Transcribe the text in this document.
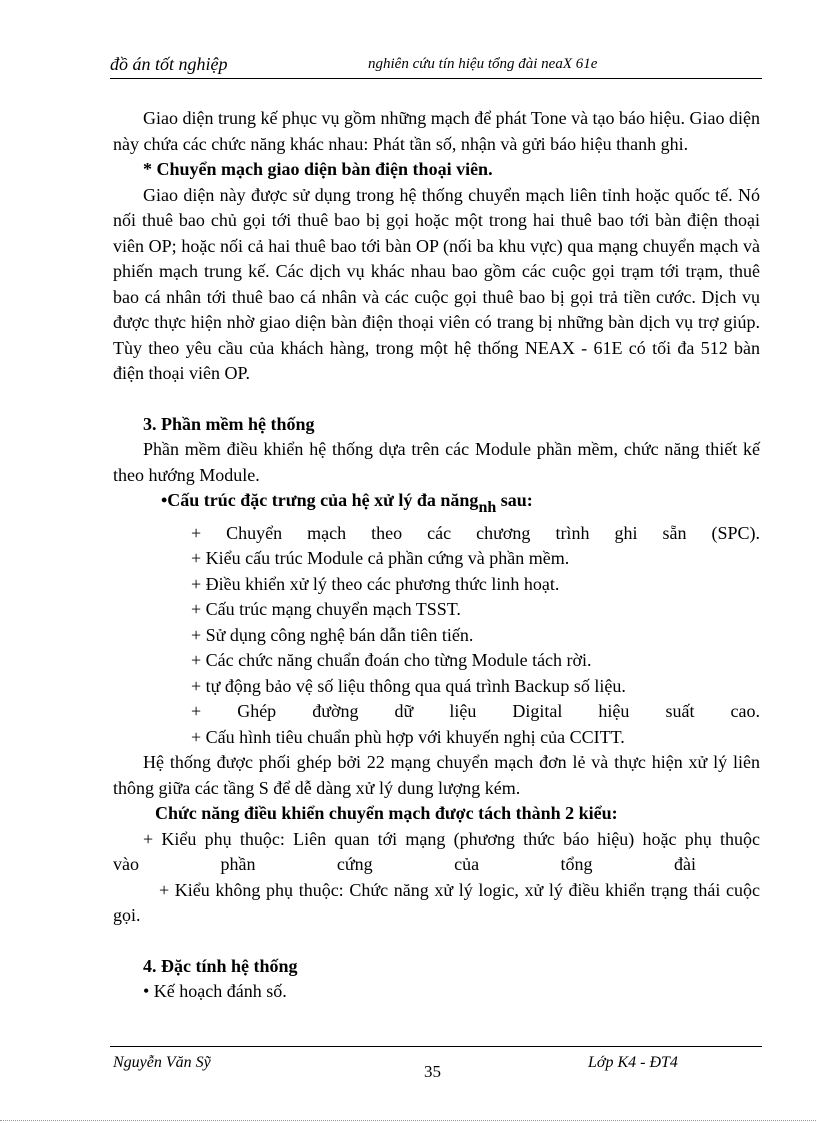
đồ án tốt nghiệp	nghiên cứu tín hiệu tổng đài neaX 61e

Giao diện trung kế phục vụ gồm những mạch để phát Tone và tạo báo hiệu. Giao diện này chứa các chức năng khác nhau: Phát tần số, nhận và gửi báo hiệu thanh ghi.

* Chuyển mạch giao diện bàn điện thoại viên.

Giao diện này được sử dụng trong hệ thống chuyển mạch liên tỉnh hoặc quốc tế. Nó nối thuê bao chủ gọi tới thuê bao bị gọi hoặc một trong hai thuê bao tới bàn điện thoại viên OP; hoặc nối cả hai thuê bao tới bàn OP (nối ba khu vực) qua mạng chuyển mạch và phiến mạch trung kế. Các dịch vụ khác nhau bao gồm các cuộc gọi trạm tới trạm, thuê bao cá nhân tới thuê bao cá nhân và các cuộc gọi thuê bao bị gọi trả tiền cước. Dịch vụ được thực hiện nhờ giao diện bàn điện thoại viên có trang bị những bàn dịch vụ trợ giúp. Tùy theo yêu cầu của khách hàng, trong một hệ thống NEAX - 61E có tối đa 512 bàn điện thoại viên OP.

3. Phần mềm hệ thống

Phần mềm điều khiển hệ thống dựa trên các Module phần mềm, chức năng thiết kế theo hướng Module.

•Cấu trúc đặc trưng của hệ xử lý đa năng$_{nh}$ sau:

+ Chuyển mạch theo các chương trình ghi sẵn (SPC).

+ Kiểu cấu trúc Module cả phần cứng và phần mềm.

+ Điều khiển xử lý theo các phương thức linh hoạt.

+ Cấu trúc mạng chuyển mạch TSST.

+ Sử dụng công nghệ bán dẫn tiên tiến.

+ Các chức năng chuẩn đoán cho từng Module tách rời.

+ tự động bảo vệ số liệu thông qua quá trình Backup số liệu.

+ Ghép đường dữ liệu Digital hiệu suất cao.

+ Cấu hình tiêu chuẩn phù hợp với khuyến nghị của CCITT.

Hệ thống được phối ghép bởi 22 mạng chuyển mạch đơn lẻ và thực hiện xử lý liên thông giữa các tầng S để dễ dàng xử lý dung lượng kém.

Chức năng điều khiển chuyển mạch được tách thành 2 kiểu:

+ Kiểu phụ thuộc: Liên quan tới mạng (phương thức báo hiệu) hoặc phụ thuộc

vào phần cứng của tổng đài

+ Kiểu không phụ thuộc: Chức năng xử lý logic, xử lý điều khiển trạng thái cuộc gọi.

4. Đặc tính hệ thống

• Kế hoạch đánh số.

Nguyễn Văn Sỹ	35	Lớp K4 - ĐT4
